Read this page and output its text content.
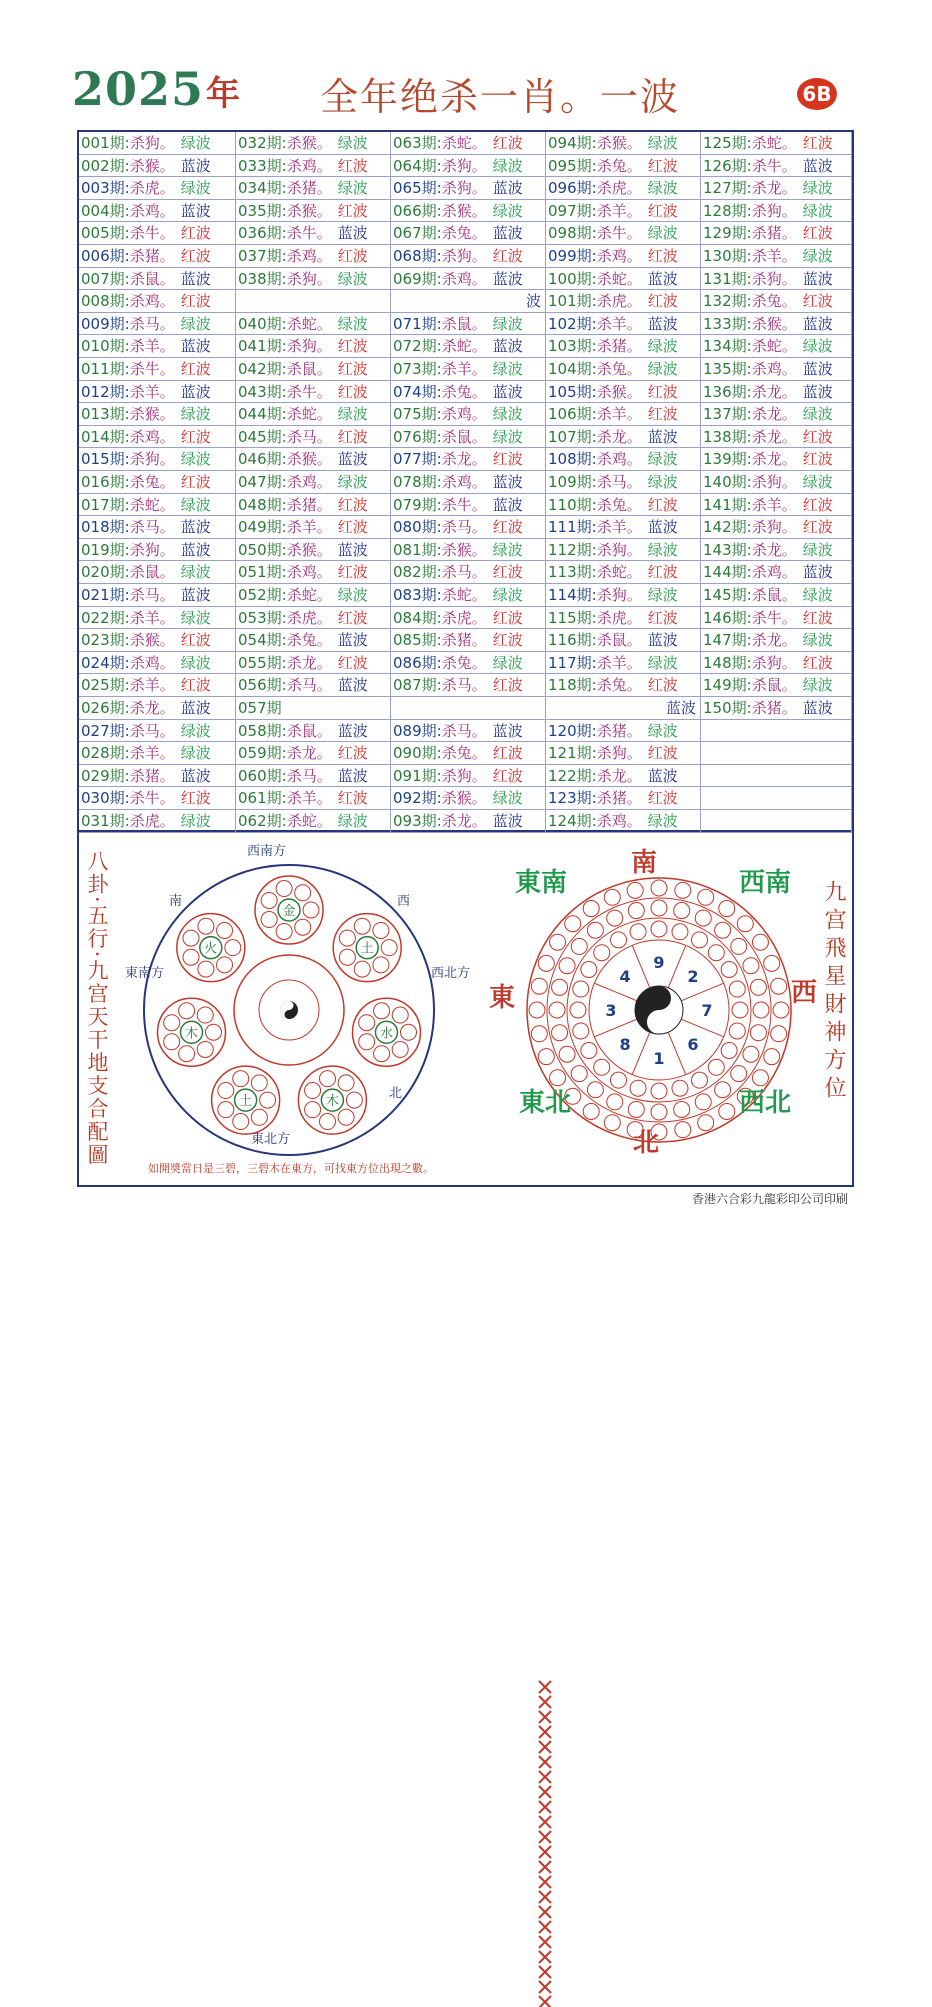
2025年 全年绝杀一肖。一波	6B
001期:杀狗。 绿波
002期:杀猴。 蓝波
003期:杀虎。 绿波
004期:杀鸡。 蓝波
005期:杀牛。 红波
006期:杀猪。 红波
007期:杀鼠。 蓝波
008期:杀鸡。 红波
009期:杀马。 绿波
010期:杀羊。 蓝波
011期:杀牛。 红波
012期:杀羊。 蓝波
013期:杀猴。 绿波
014期:杀鸡。 红波
015期:杀狗。 绿波
016期:杀兔。 红波
017期:杀蛇。 绿波
018期:杀马。 蓝波
019期:杀狗。 蓝波
020期:杀鼠。 绿波
021期:杀马。 蓝波
022期:杀羊。 绿波
023期:杀猴。 红波
024期:杀鸡。 绿波
025期:杀羊。 红波
026期:杀龙。 蓝波
027期:杀马。 绿波
028期:杀羊。 绿波
029期:杀猪。 蓝波
030期:杀牛。 红波
031期:杀虎。 绿波
032期:杀猴。 绿波
033期:杀鸡。 红波
034期:杀猪。 绿波
035期:杀猴。 红波
036期:杀牛。 蓝波
037期:杀鸡。 红波
038期:杀狗。 绿波
040期:杀蛇。 绿波
041期:杀狗。 红波
042期:杀鼠。 红波
043期:杀牛。 红波
044期:杀蛇。 绿波
045期:杀马。 红波
046期:杀猴。 蓝波
047期:杀鸡。 绿波
048期:杀猪。 红波
049期:杀羊。 红波
050期:杀猴。 蓝波
051期:杀鸡。 红波
052期:杀蛇。 绿波
053期:杀虎。 红波
054期:杀兔。 蓝波
055期:杀龙。 红波
056期:杀马。 蓝波
057期
058期:杀鼠。 蓝波
059期:杀龙。 红波
060期:杀马。 蓝波
061期:杀羊。 红波
062期:杀蛇。 绿波
063期:杀蛇。 红波
064期:杀狗。 绿波
065期:杀狗。 蓝波
066期:杀猴。 绿波
067期:杀兔。 蓝波
068期:杀狗。 红波
069期:杀鸡。 蓝波
波
071期:杀鼠。 绿波
072期:杀蛇。 蓝波
073期:杀羊。 绿波
074期:杀兔。 蓝波
075期:杀鸡。 绿波
076期:杀鼠。 绿波
077期:杀龙。 红波
078期:杀鸡。 蓝波
079期:杀牛。 蓝波
080期:杀马。 红波
081期:杀猴。 绿波
082期:杀马。 红波
083期:杀蛇。 绿波
084期:杀虎。 红波
085期:杀猪。 红波
086期:杀兔。 绿波
087期:杀马。 红波
089期:杀马。 蓝波
090期:杀兔。 红波
091期:杀狗。 红波
092期:杀猴。 绿波
093期:杀龙。 蓝波
094期:杀猴。 绿波
095期:杀兔。 红波
096期:杀虎。 绿波
097期:杀羊。 红波
098期:杀牛。 绿波
099期:杀鸡。 红波
100期:杀蛇。 蓝波
101期:杀虎。 红波
102期:杀羊。 蓝波
103期:杀猪。 绿波
104期:杀兔。 绿波
105期:杀猴。 红波
106期:杀羊。 红波
107期:杀龙。 蓝波
108期:杀鸡。 绿波
109期:杀马。 绿波
110期:杀兔。 红波
111期:杀羊。 蓝波
112期:杀狗。 绿波
113期:杀蛇。 红波
114期:杀狗。 绿波
115期:杀虎。 红波
116期:杀鼠。 蓝波
117期:杀羊。 绿波
118期:杀兔。 红波
蓝波
120期:杀猪。 绿波
121期:杀狗。 红波
122期:杀龙。 蓝波
123期:杀猪。 红波
124期:杀鸡。 绿波
125期:杀蛇。 红波
126期:杀牛。 蓝波
127期:杀龙。 绿波
128期:杀狗。 绿波
129期:杀猪。 红波
130期:杀羊。 绿波
131期:杀狗。 蓝波
132期:杀兔。 红波
133期:杀猴。 蓝波
134期:杀蛇。 绿波
135期:杀鸡。 蓝波
136期:杀龙。 蓝波
137期:杀龙。 绿波
138期:杀龙。 红波
139期:杀龙。 红波
140期:杀狗。 绿波
141期:杀羊。 红波
142期:杀狗。 红波
143期:杀龙。 绿波
144期:杀鸡。 蓝波
145期:杀鼠。 绿波
146期:杀牛。 红波
147期:杀龙。 绿波
148期:杀狗。 红波
149期:杀鼠。 绿波
150期:杀猪。 蓝波
金
土
水
木
土
木
火
西南方
西
西北方
北
東北方
東南方
南
9
2
7
6
1
8
3
4
南
西南
西
西北
北
東北
東
東南
八卦·五行·九宫天干地支合配圖	九宫飛星財神方位
如開奬當日是三碧，三碧木在東方，可找東方位出現之數。
香港六合彩九龍彩印公司印刷
